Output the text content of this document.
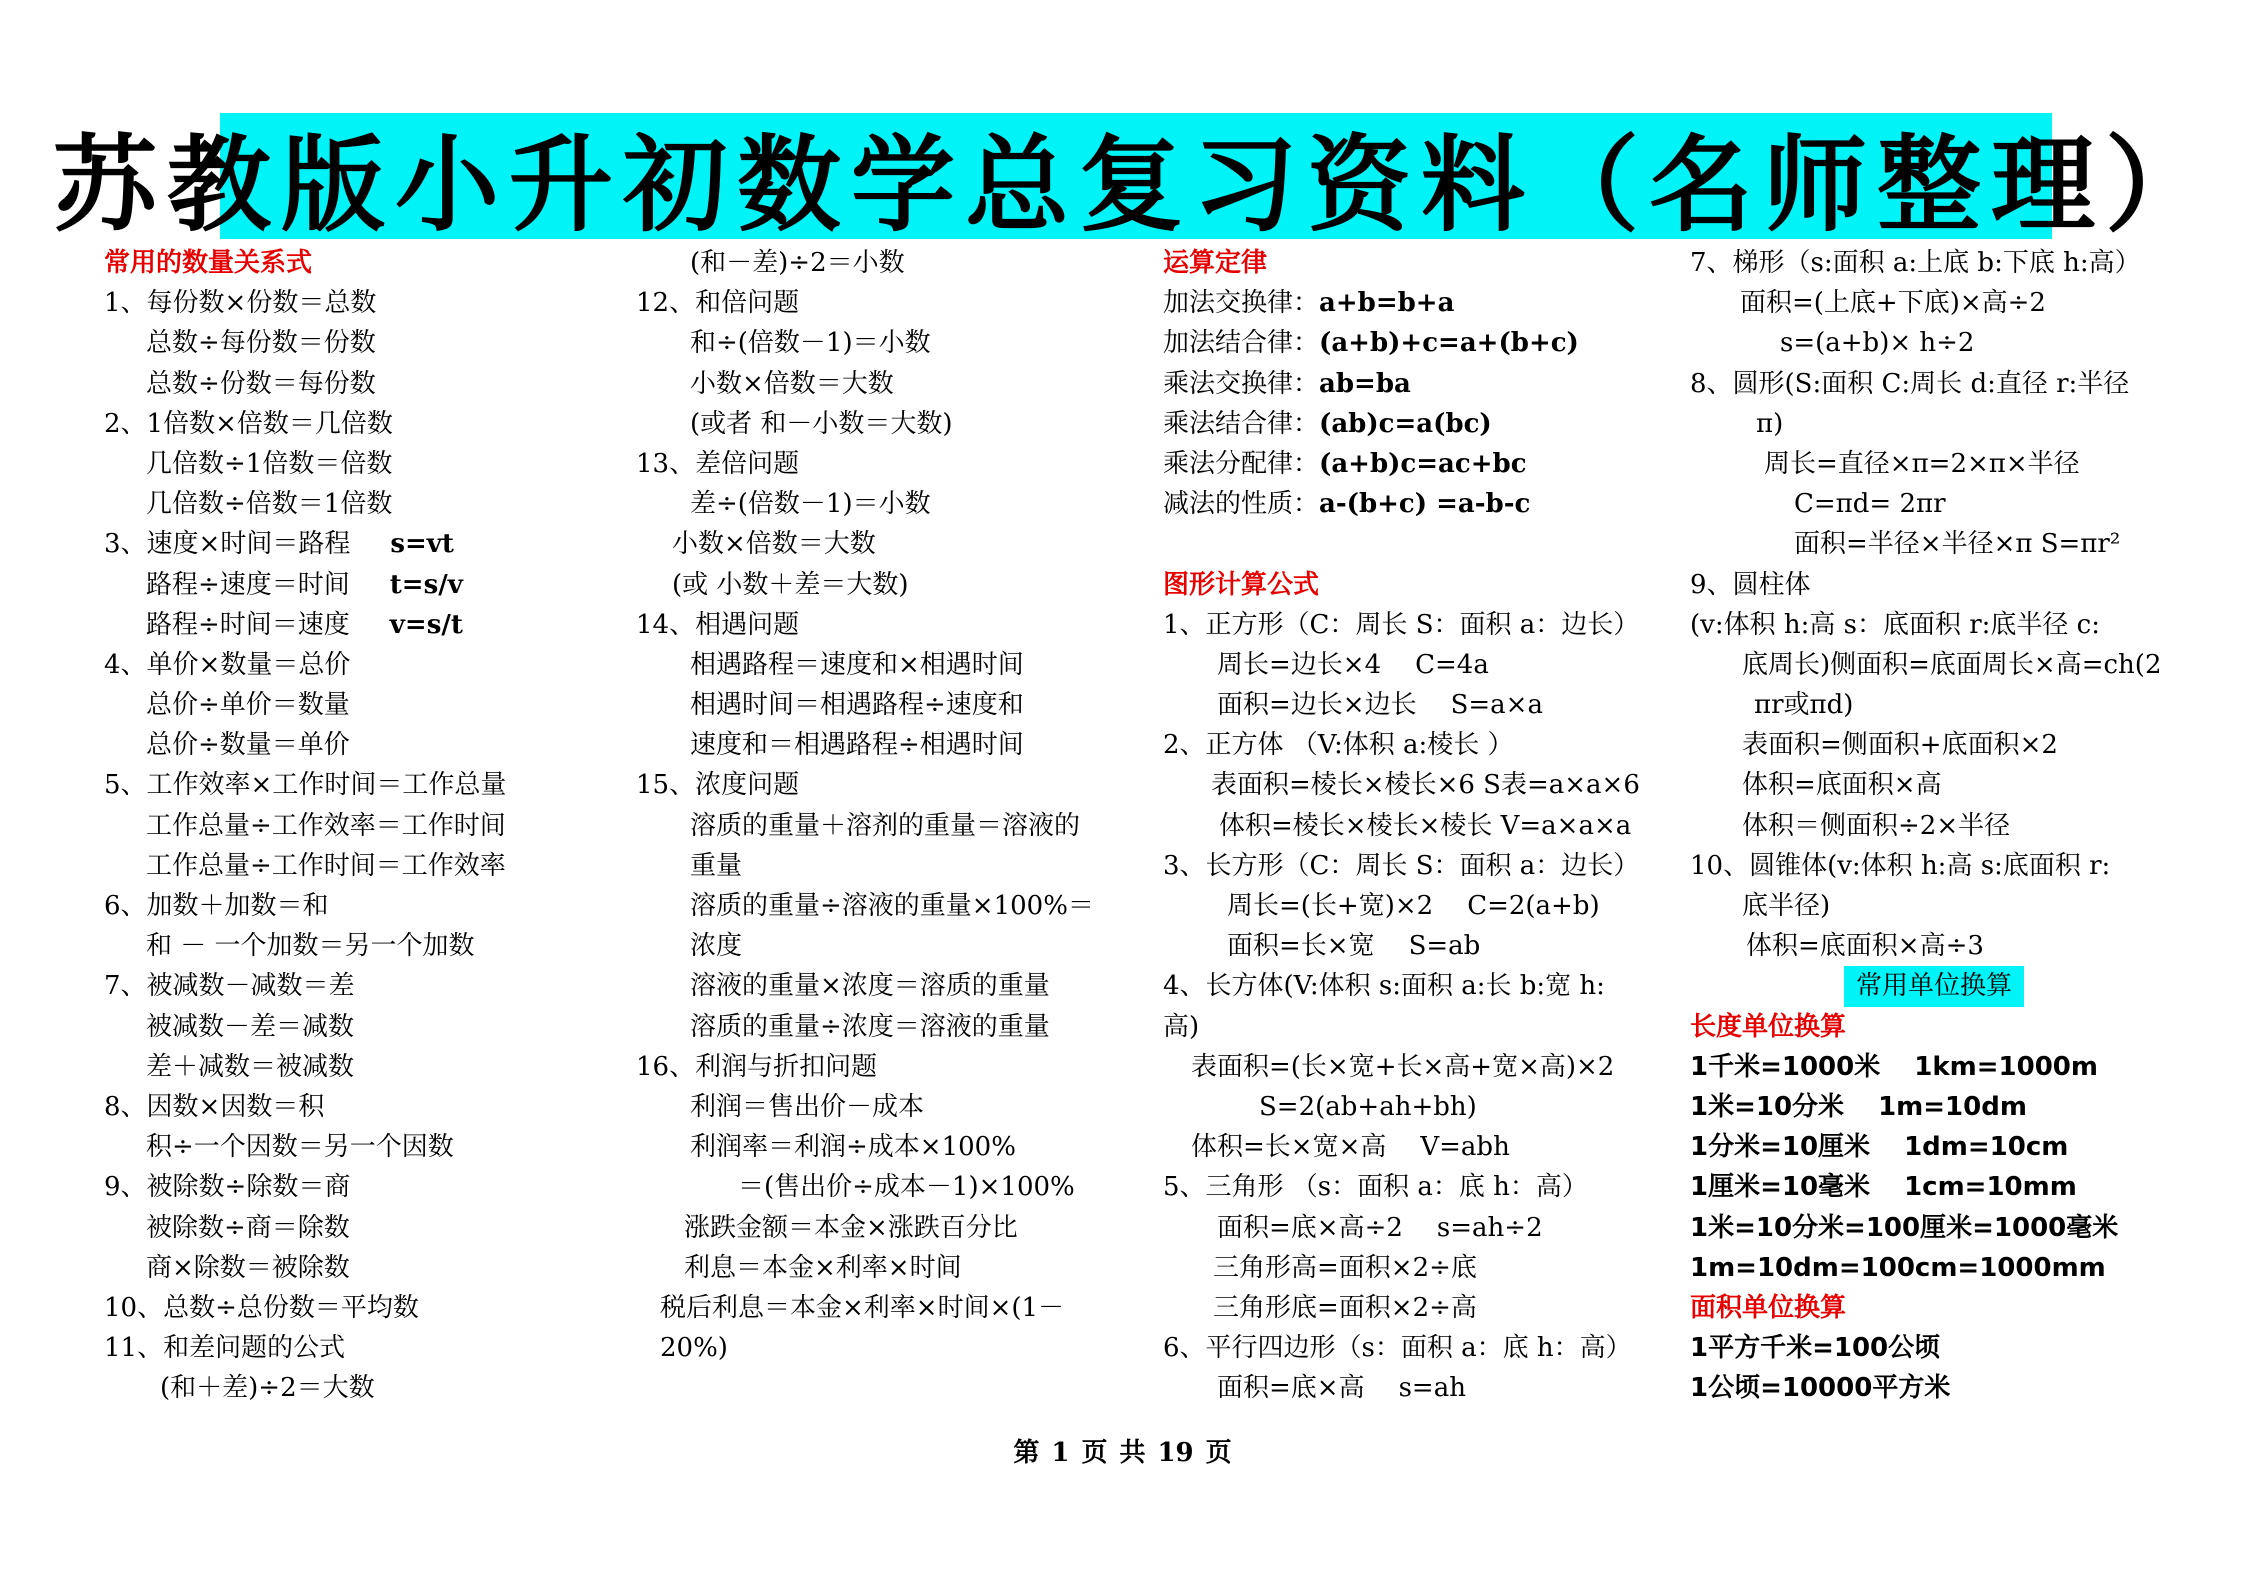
苏教版小升初数学总复习资料（名师整理）
常用的数量关系式
1、每份数×份数＝总数
总数÷每份数＝份数
总数÷份数＝每份数
2、1倍数×倍数＝几倍数
几倍数÷1倍数＝倍数
几倍数÷倍数＝1倍数
3、速度×时间＝路程 s=vt
路程÷速度＝时间 t=s/v
路程÷时间＝速度 v=s/t
4、单价×数量＝总价
总价÷单价＝数量
总价÷数量＝单价
5、工作效率×工作时间＝工作总量
工作总量÷工作效率＝工作时间
工作总量÷工作时间＝工作效率
6、加数＋加数＝和
和 － 一个加数＝另一个加数
7、被减数－减数＝差
被减数－差＝减数
差＋减数＝被减数
8、因数×因数＝积
积÷一个因数＝另一个因数
9、被除数÷除数＝商
被除数÷商＝除数
商×除数＝被除数
10、总数÷总份数＝平均数
11、和差问题的公式
(和＋差)÷2＝大数
(和－差)÷2＝小数
12、和倍问题
和÷(倍数－1)＝小数
小数×倍数＝大数
(或者 和－小数＝大数)
13、差倍问题
差÷(倍数－1)＝小数
小数×倍数＝大数
(或 小数＋差＝大数)
14、相遇问题
相遇路程＝速度和×相遇时间
相遇时间＝相遇路程÷速度和
速度和＝相遇路程÷相遇时间
15、浓度问题
溶质的重量＋溶剂的重量＝溶液的
重量
溶质的重量÷溶液的重量×100%＝
浓度
溶液的重量×浓度＝溶质的重量
溶质的重量÷浓度＝溶液的重量
16、利润与折扣问题
利润＝售出价－成本
利润率＝利润÷成本×100%
＝(售出价÷成本－1)×100%
涨跌金额＝本金×涨跌百分比
利息＝本金×利率×时间
税后利息＝本金×利率×时间×(1－
20%)
运算定律
加法交换律： a+b=b+a
加法结合律： (a+b)+c=a+(b+c)
乘法交换律： ab=ba
乘法结合律： (ab)c=a(bc)
乘法分配律： (a+b)c=ac+bc
减法的性质： a-(b+c) =a-b-c
图形计算公式
1、正方形（C：周长 S：面积 a：边长）
周长=边长×4 C=4a
面积=边长×边长 S=a×a
2、正方体 （V:体积 a:棱长 ）
表面积=棱长×棱长×6 S表=a×a×6
体积=棱长×棱长×棱长 V=a×a×a
3、长方形（C：周长 S：面积 a：边长）
周长=(长+宽)×2 C=2(a+b)
面积=长×宽 S=ab
4、长方体(V:体积 s:面积 a:长 b:宽 h:
高)
表面积=(长×宽+长×高+宽×高)×2
S=2(ab+ah+bh)
体积=长×宽×高 V=abh
5、三角形 （s：面积 a：底 h：高）
面积=底×高÷2 s=ah÷2
三角形高=面积×2÷底
三角形底=面积×2÷高
6、平行四边形（s：面积 a：底 h：高）
面积=底×高 s=ah
7、梯形（s:面积 a:上底 b:下底 h:高）
面积=(上底+下底)×高÷2
s=(a+b)× h÷2
8、圆形(S:面积 C:周长 d:直径 r:半径
π)
周长=直径×π=2×π×半径
C=πd= 2πr
面积=半径×半径×π S=πr²
9、圆柱体
(v:体积 h:高 s：底面积 r:底半径 c:
底周长)侧面积=底面周长×高=ch(2
πr或πd)
表面积=侧面积+底面积×2
体积=底面积×高
体积＝侧面积÷2×半径
10、圆锥体(v:体积 h:高 s:底面积 r:
底半径)
体积=底面积×高÷3
常用单位换算
长度单位换算
1千米=1000米 1km=1000m
1米=10分米 1m=10dm
1分米=10厘米 1dm=10cm
1厘米=10毫米 1cm=10mm
1米=10分米=100厘米=1000毫米
1m=10dm=100cm=1000mm
面积单位换算
1平方千米=100公顷
1公顷=10000平方米
第 1 页 共 19 页
